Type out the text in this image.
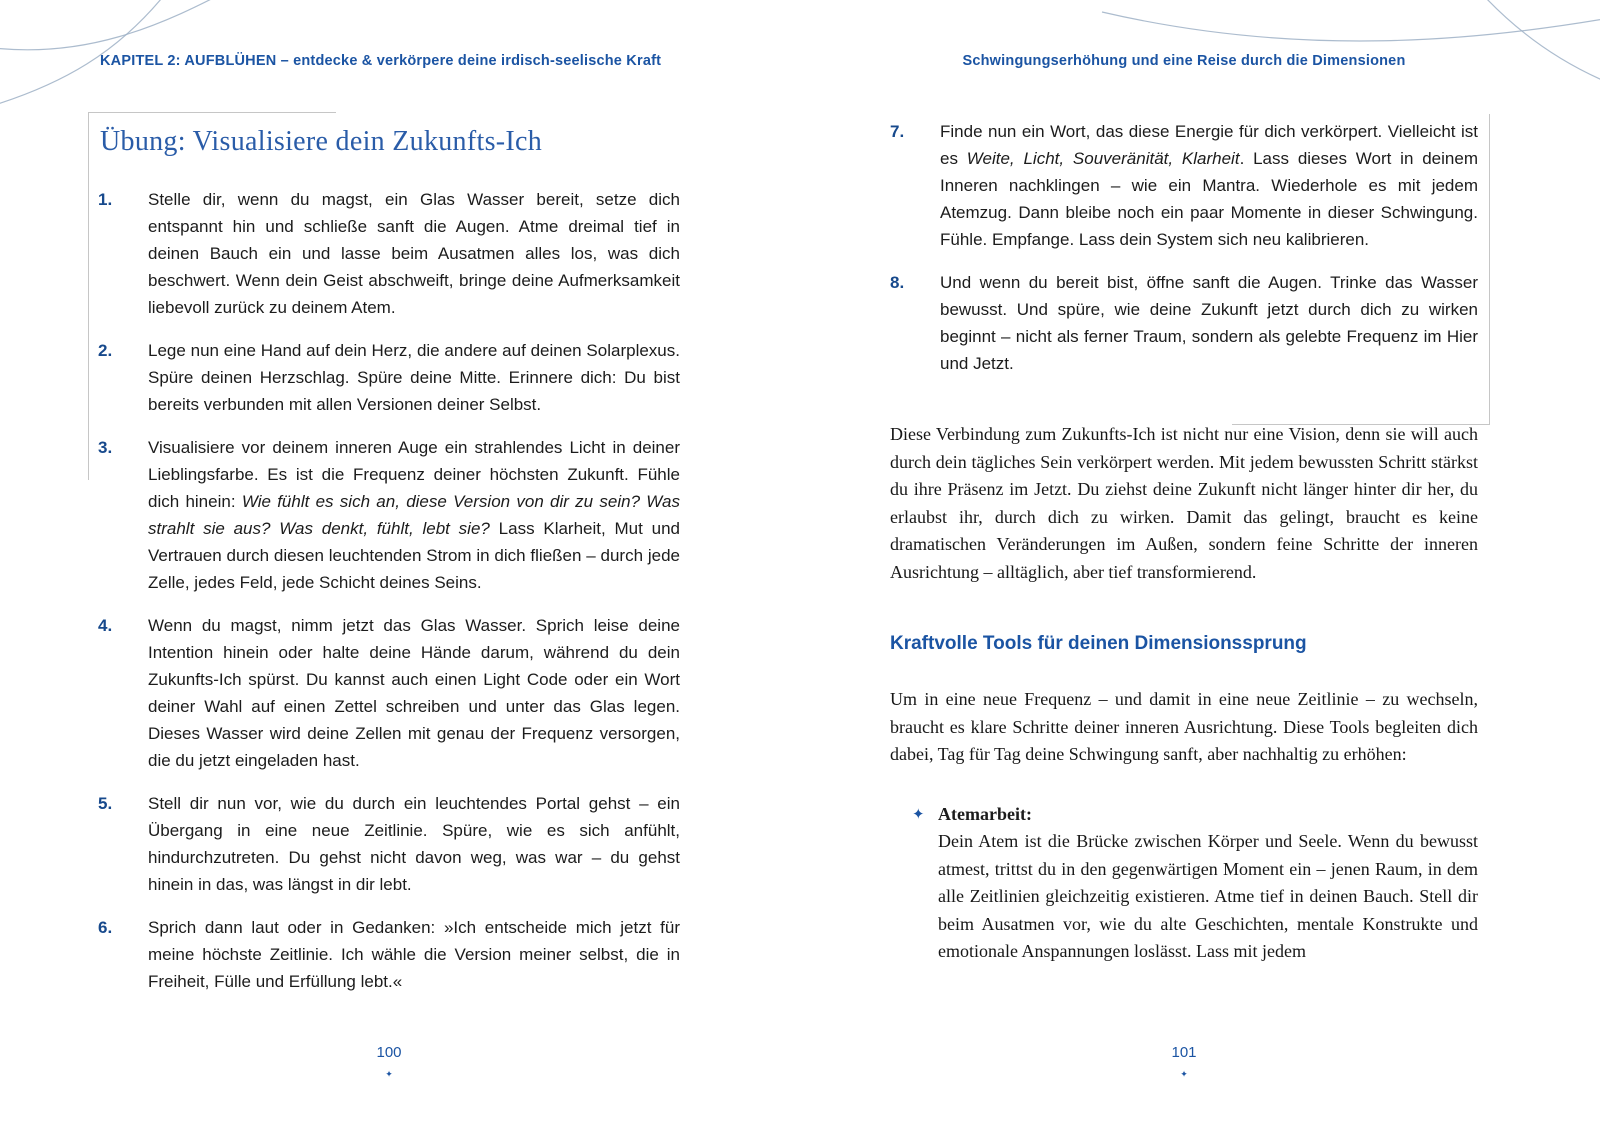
KAPITEL 2: AUFBLÜHEN – entdecke & verkörpere deine irdisch-seelische Kraft	Schwingungserhöhung und eine Reise durch die Dimensionen
Übung: Visualisiere dein Zukunfts-Ich
1.	Stelle dir, wenn du magst, ein Glas Wasser bereit, setze dich entspannt hin und schließe sanft die Augen. Atme dreimal tief in deinen Bauch ein und lasse beim Ausatmen alles los, was dich beschwert. Wenn dein Geist abschweift, bringe deine Aufmerksamkeit liebevoll zurück zu deinem Atem.
2.	Lege nun eine Hand auf dein Herz, die andere auf deinen Solarplexus. Spüre deinen Herzschlag. Spüre deine Mitte. Erinnere dich: Du bist bereits verbunden mit allen Versionen deiner Selbst.
3.	Visualisiere vor deinem inneren Auge ein strahlendes Licht in deiner Lieblingsfarbe. Es ist die Frequenz deiner höchsten Zukunft. Fühle dich hinein: Wie fühlt es sich an, diese Version von dir zu sein? Was strahlt sie aus? Was denkt, fühlt, lebt sie? Lass Klarheit, Mut und Vertrauen durch diesen leuchtenden Strom in dich fließen – durch jede Zelle, jedes Feld, jede Schicht deines Seins.
4.	Wenn du magst, nimm jetzt das Glas Wasser. Sprich leise deine Intention hinein oder halte deine Hände darum, während du dein Zukunfts-Ich spürst. Du kannst auch einen Light Code oder ein Wort deiner Wahl auf einen Zettel schreiben und unter das Glas legen. Dieses Wasser wird deine Zellen mit genau der Frequenz versorgen, die du jetzt eingeladen hast.
5.	Stell dir nun vor, wie du durch ein leuchtendes Portal gehst – ein Übergang in eine neue Zeitlinie. Spüre, wie es sich anfühlt, hindurchzutreten. Du gehst nicht davon weg, was war – du gehst hinein in das, was längst in dir lebt.
6.	Sprich dann laut oder in Gedanken: »Ich entscheide mich jetzt für meine höchste Zeitlinie. Ich wähle die Version meiner selbst, die in Freiheit, Fülle und Erfüllung lebt.«
7.	Finde nun ein Wort, das diese Energie für dich verkörpert. Vielleicht ist es Weite, Licht, Souveränität, Klarheit. Lass dieses Wort in deinem Inneren nachklingen – wie ein Mantra. Wiederhole es mit jedem Atemzug. Dann bleibe noch ein paar Momente in dieser Schwingung. Fühle. Empfange. Lass dein System sich neu kalibrieren.
8.	Und wenn du bereit bist, öffne sanft die Augen. Trinke das Wasser bewusst. Und spüre, wie deine Zukunft jetzt durch dich zu wirken beginnt – nicht als ferner Traum, sondern als gelebte Frequenz im Hier und Jetzt.

Diese Verbindung zum Zukunfts-Ich ist nicht nur eine Vision, denn sie will auch durch dein tägliches Sein verkörpert werden. Mit jedem bewussten Schritt stärkst du ihre Präsenz im Jetzt. Du ziehst deine Zukunft nicht länger hinter dir her, du erlaubst ihr, durch dich zu wirken. Damit das gelingt, braucht es keine dramatischen Veränderungen im Außen, sondern feine Schritte der inneren Ausrichtung – alltäglich, aber tief transformierend.

Kraftvolle Tools für deinen Dimensionssprung

Um in eine neue Frequenz – und damit in eine neue Zeitlinie – zu wechseln, braucht es klare Schritte deiner inneren Ausrichtung. Diese Tools begleiten dich dabei, Tag für Tag deine Schwingung sanft, aber nachhaltig zu erhöhen:

✦ Atemarbeit:
Dein Atem ist die Brücke zwischen Körper und Seele. Wenn du bewusst atmest, trittst du in den gegenwärtigen Moment ein – jenen Raum, in dem alle Zeitlinien gleichzeitig existieren. Atme tief in deinen Bauch. Stell dir beim Ausatmen vor, wie du alte Geschichten, mentale Konstrukte und emotionale Anspannungen loslässt. Lass mit jedem
100
✦
101
✦
